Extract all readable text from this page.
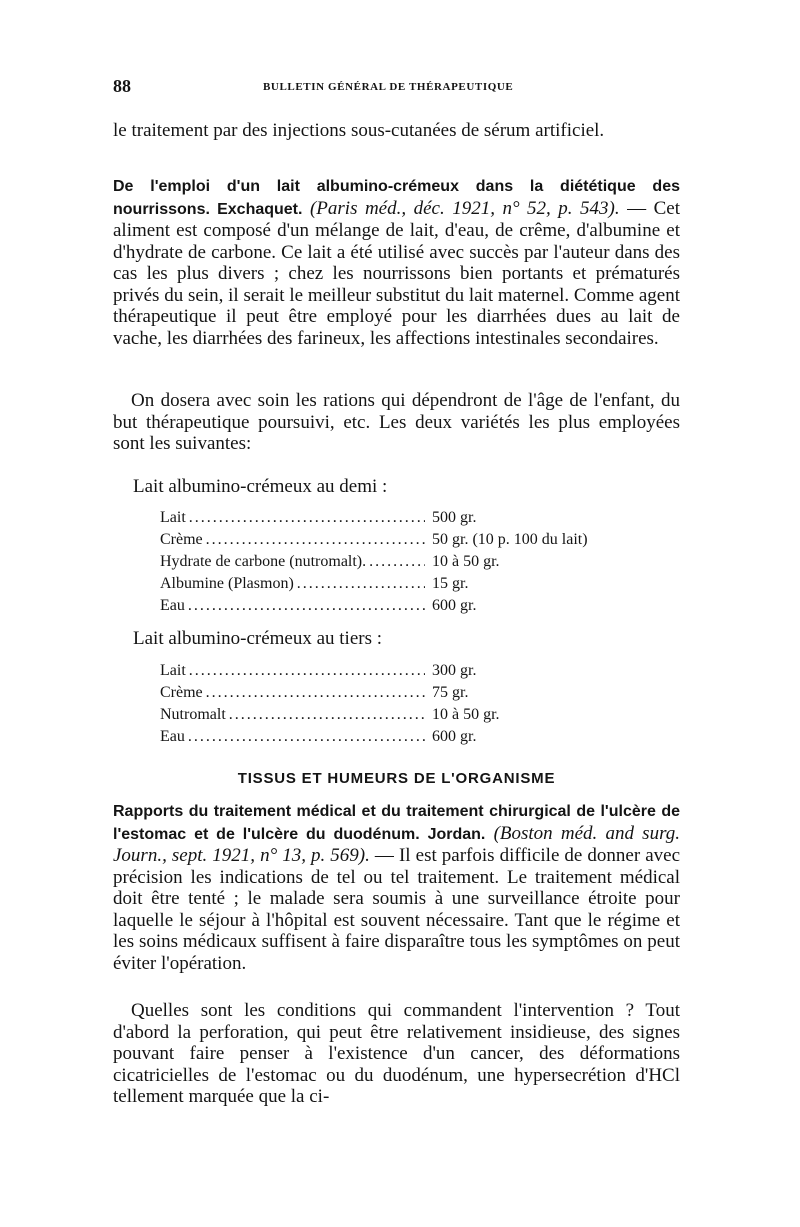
88	BULLETIN GÉNÉRAL DE THÉRAPEUTIQUE
le traitement par des injections sous-cutanées de sérum artificiel.
De l'emploi d'un lait albumino-crémeux dans la diététique des nourrissons. Exchaquet. (Paris méd., déc. 1921, n° 52, p. 543). — Cet aliment est composé d'un mélange de lait, d'eau, de crême, d'albumine et d'hydrate de carbone. Ce lait a été utilisé avec succès par l'auteur dans des cas les plus divers ; chez les nourrissons bien portants et prématurés privés du sein, il serait le meilleur substitut du lait maternel. Comme agent thérapeutique il peut être employé pour les diarrhées dues au lait de vache, les diarrhées des farineux, les affections intestinales secondaires.
On dosera avec soin les rations qui dépendront de l'âge de l'enfant, du but thérapeutique poursuivi, etc. Les deux variétés les plus employées sont les suivantes:
Lait albumino-crémeux au demi :
Lait . . .	500 gr.
Crème . . .	50 gr. (10 p. 100 du lait)
Hydrate de carbone (nutromalt). . . .	10 à 50 gr.
Albumine (Plasmon) . . .	15 gr.
Eau . . .	600 gr.
Lait albumino-crémeux au tiers :
Lait . . .	300 gr.
Crème . . .	75 gr.
Nutromalt . . .	10 à 50 gr.
Eau . . .	600 gr.
TISSUS ET HUMEURS DE L'ORGANISME
Rapports du traitement médical et du traitement chirurgical de l'ulcère de l'estomac et de l'ulcère du duodénum. Jordan. (Boston méd. and surg. Journ., sept. 1921, n° 13, p. 569). — Il est parfois difficile de donner avec précision les indications de tel ou tel traitement. Le traitement médical doit être tenté ; le malade sera soumis à une surveillance étroite pour laquelle le séjour à l'hôpital est souvent nécessaire. Tant que le régime et les soins médicaux suffisent à faire disparaître tous les symptômes on peut éviter l'opération.
Quelles sont les conditions qui commandent l'intervention ? Tout d'abord la perforation, qui peut être relativement insidieuse, des signes pouvant faire penser à l'existence d'un cancer, des déformations cicatricielles de l'estomac ou du duodénum, une hypersecrétion d'HCl tellement marquée que la ci-
